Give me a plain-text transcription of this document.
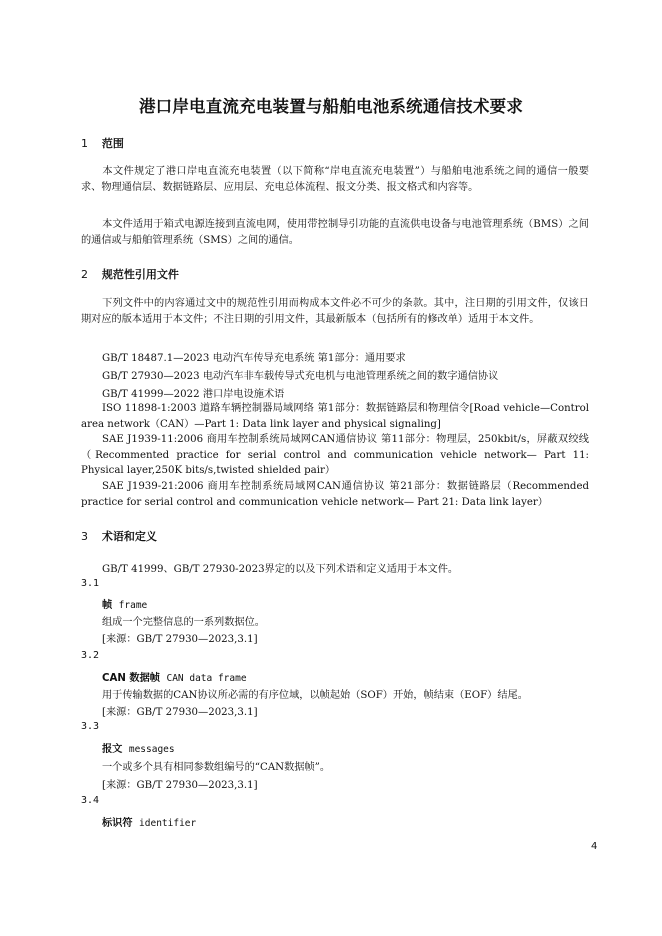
港口岸电直流充电装置与船舶电池系统通信技术要求
1 范围
本文件规定了港口岸电直流充电装置（以下简称“岸电直流充电装置”）与船舶电池系统之间的通信一般要求、物理通信层、数据链路层、应用层、充电总体流程、报文分类、报文格式和内容等。
本文件适用于箱式电源连接到直流电网，使用带控制导引功能的直流供电设备与电池管理系统（BMS）之间的通信或与船舶管理系统（SMS）之间的通信。
2 规范性引用文件
下列文件中的内容通过文中的规范性引用而构成本文件必不可少的条款。其中，注日期的引用文件，仅该日期对应的版本适用于本文件；不注日期的引用文件，其最新版本（包括所有的修改单）适用于本文件。
GB/T 18487.1—2023 电动汽车传导充电系统 第1部分：通用要求
GB/T 27930—2023 电动汽车非车载传导式充电机与电池管理系统之间的数字通信协议
GB/T 41999—2022 港口岸电设施术语
ISO 11898-1:2003 道路车辆控制器局域网络 第1部分：数据链路层和物理信令[Road vehicle—Control area network（CAN）—Part 1: Data link layer and physical signaling]
SAE J1939-11:2006 商用车控制系统局域网CAN通信协议 第11部分：物理层，250kbit/s，屏蔽双绞线（Recommented practice for serial control and communication vehicle network— Part 11: Physical layer,250K bits/s,twisted shielded pair）
SAE J1939-21:2006 商用车控制系统局域网CAN通信协议 第21部分：数据链路层（Recommended practice for serial control and communication vehicle network— Part 21: Data link layer）
3 术语和定义
GB/T 41999、GB/T 27930-2023界定的以及下列术语和定义适用于本文件。
3.1
帧 frame
组成一个完整信息的一系列数据位。
[来源：GB/T 27930—2023,3.1]
3.2
CAN 数据帧 CAN data frame
用于传输数据的CAN协议所必需的有序位域，以帧起始（SOF）开始，帧结束（EOF）结尾。
[来源：GB/T 27930—2023,3.1]
3.3
报文 messages
一个或多个具有相同参数组编号的“CAN数据帧”。
[来源：GB/T 27930—2023,3.1]
3.4
标识符 identifier
4
